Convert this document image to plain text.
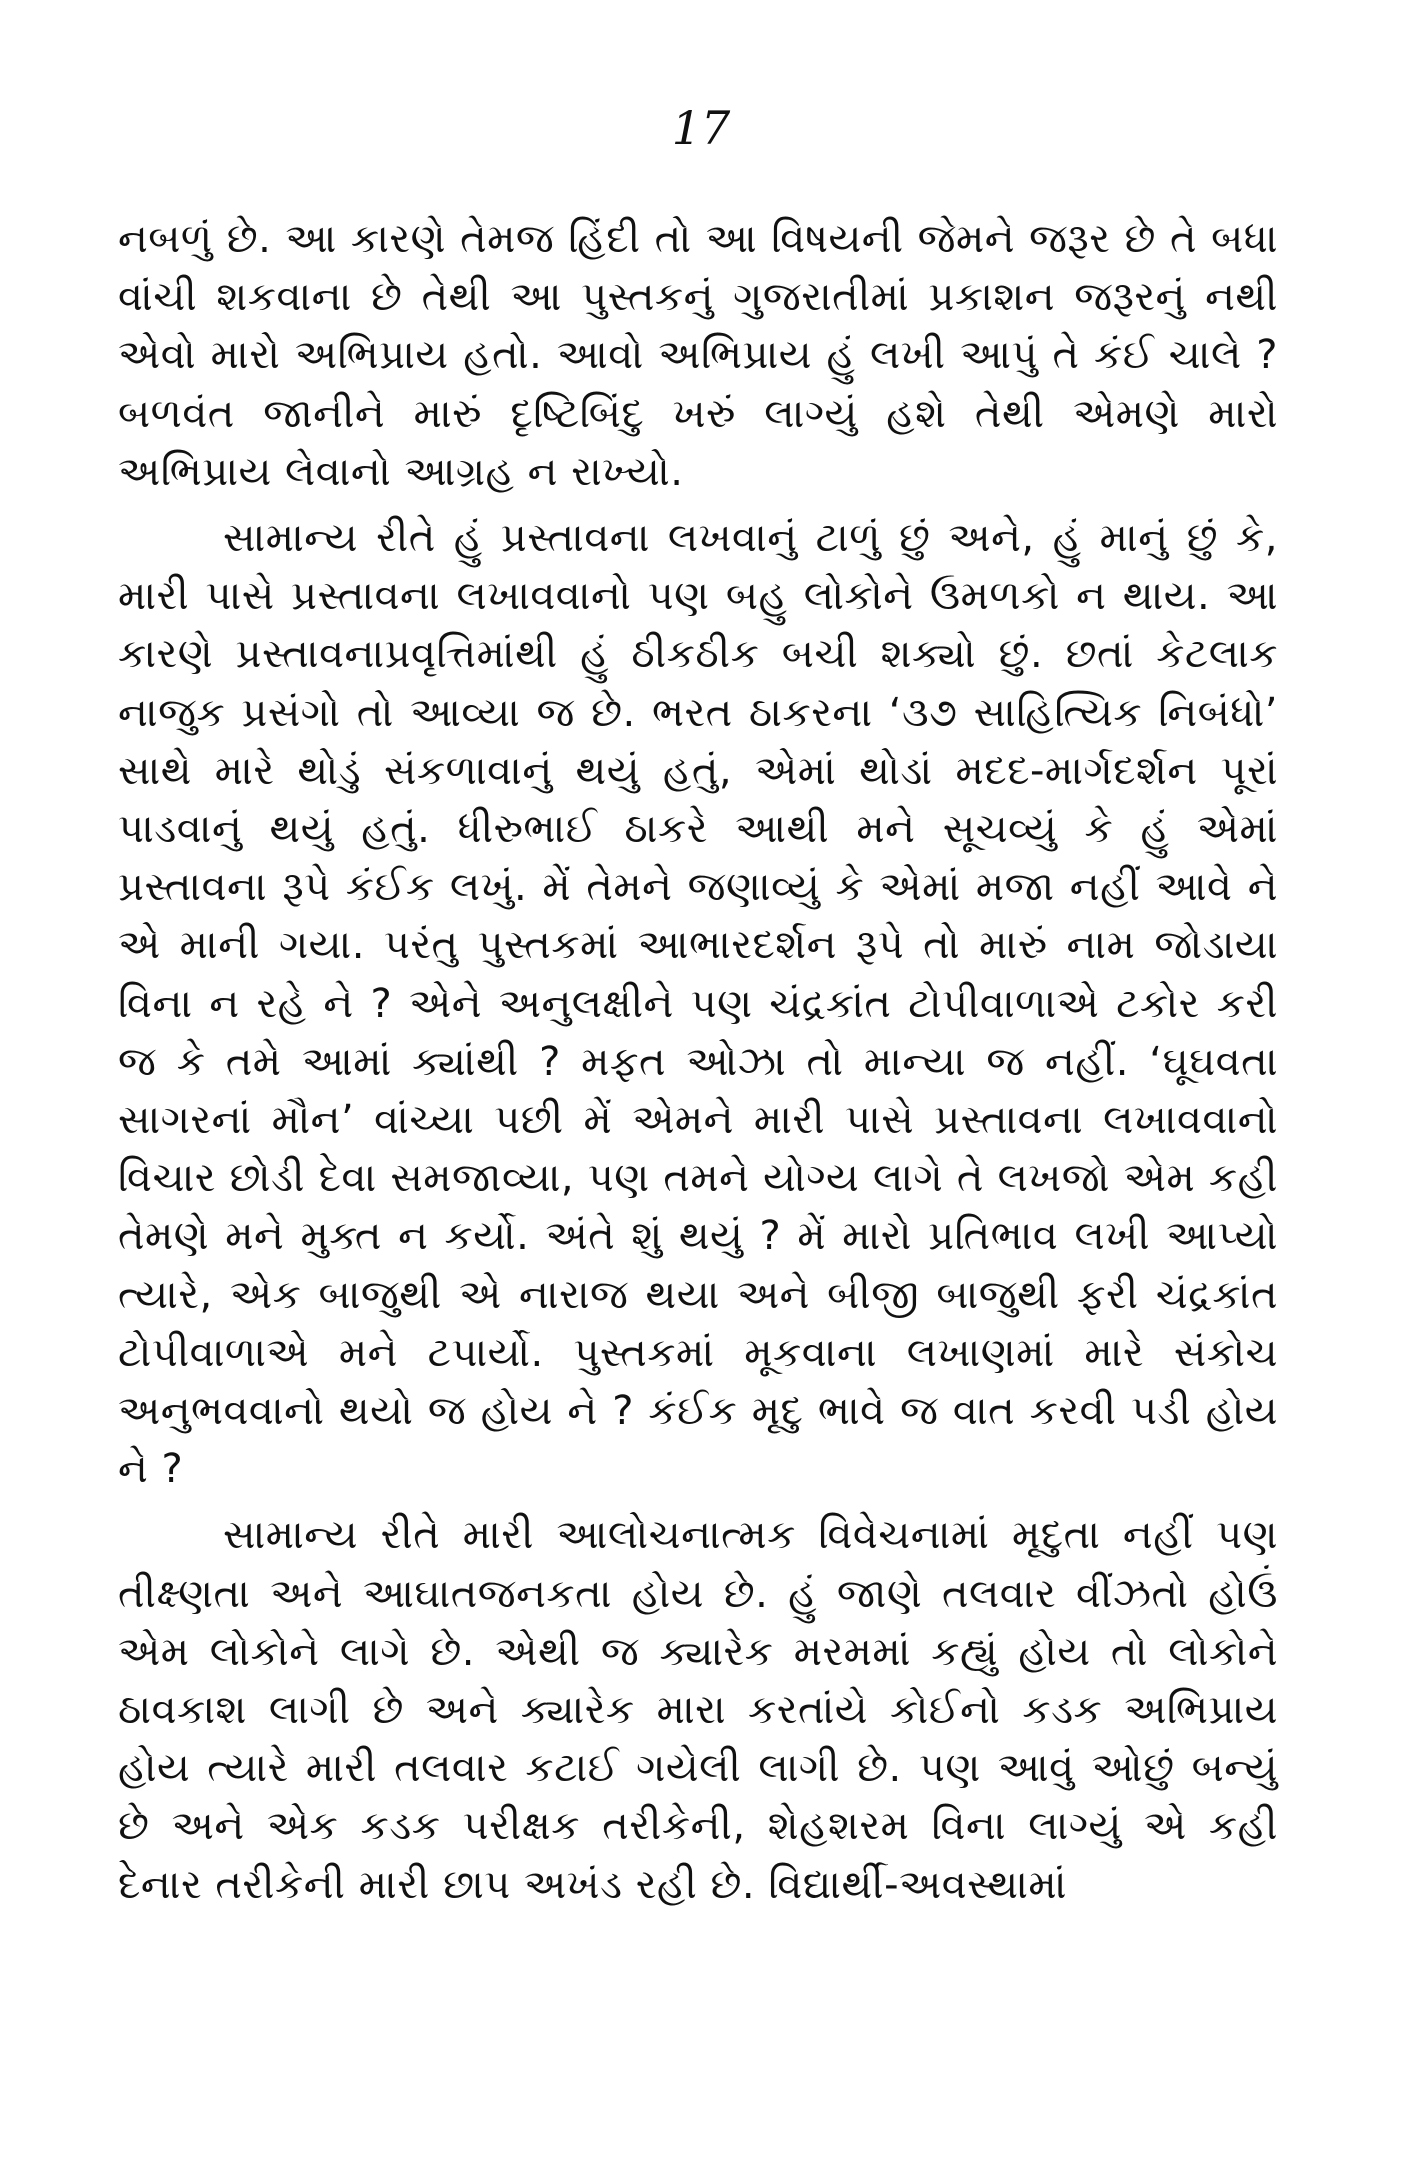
17

નબળું છે. આ કારણે તેમજ હિંદી તો આ વિષયની જેમને જરૂર છે તે બધા વાંચી શકવાના છે તેથી આ પુસ્તકનું ગુજરાતીમાં પ્રકાશન જરૂરનું નથી એવો મારો અભિપ્રાય હતો. આવો અભિપ્રાય હું લખી આપું તે કંઈ ચાલે ? બળવંત જાનીને મારું દૃષ્ટિબિંદુ ખરું લાગ્યું હશે તેથી એમણે મારો અભિપ્રાય લેવાનો આગ્રહ ન રાખ્યો.

સામાન્ય રીતે હું પ્રસ્તાવના લખવાનું ટાળું છું અને, હું માનું છું કે, મારી પાસે પ્રસ્તાવના લખાવવાનો પણ બહુ લોકોને ઉમળકો ન થાય. આ કારણે પ્રસ્તાવનાપ્રવૃત્તિમાંથી હું ઠીકઠીક બચી શક્યો છું. છતાં કેટલાક નાજુક પ્રસંગો તો આવ્યા જ છે. ભરત ઠાકરના ‘૩૭ સાહિત્યિક નિબંધો’ સાથે મારે થોડું સંકળાવાનું થયું હતું, એમાં થોડાં મદદ-માર્ગદર્શન પૂરાં પાડવાનું થયું હતું. ધીરુભાઈ ઠાકરે આથી મને સૂચવ્યું કે હું એમાં પ્રસ્તાવના રૂપે કંઈક લખું. મેં તેમને જણાવ્યું કે એમાં મજા નહીં આવે ને એ માની ગયા. પરંતુ પુસ્તકમાં આભારદર્શન રૂપે તો મારું નામ જોડાયા વિના ન રહે ને ? એને અનુલક્ષીને પણ ચંદ્રકાંત ટોપીવાળાએ ટકોર કરી જ કે તમે આમાં ક્યાંથી ? મફત ઓઝા તો માન્યા જ નહીં. ‘ઘૂઘવતા સાગરનાં મૌન’ વાંચ્યા પછી મેં એમને મારી પાસે પ્રસ્તાવના લખાવવાનો વિચાર છોડી દેવા સમજાવ્યા, પણ તમને યોગ્ય લાગે તે લખજો એમ કહી તેમણે મને મુક્ત ન કર્યો. અંતે શું થયું ? મેં મારો પ્રતિભાવ લખી આપ્યો ત્યારે, એક બાજુથી એ નારાજ થયા અને બીજી બાજુથી ફરી ચંદ્રકાંત ટોપીવાળાએ મને ટપાર્યો. પુસ્તકમાં મૂકવાના લખાણમાં મારે સંકોચ અનુભવવાનો થયો જ હોય ને ? કંઈક મૃદુ ભાવે જ વાત કરવી પડી હોય ને ?

સામાન્ય રીતે મારી આલોચનાત્મક વિવેચનામાં મૃદુતા નહીં પણ તીક્ષ્ણતા અને આઘાતજનકતા હોય છે. હું જાણે તલવાર વીંઝતો હોઉં એમ લોકોને લાગે છે. એથી જ ક્યારેક મરમમાં કહ્યું હોય તો લોકોને ઠાવકાશ લાગી છે અને ક્યારેક મારા કરતાંયે કોઈનો કડક અભિપ્રાય હોય ત્યારે મારી તલવાર કટાઈ ગયેલી લાગી છે. પણ આવું ઓછું બન્યું છે અને એક કડક પરીક્ષક તરીકેની, શેહશરમ વિના લાગ્યું એ કહી દેનાર તરીકેની મારી છાપ અખંડ રહી છે. વિદ્યાર્થી-અવસ્થામાં
